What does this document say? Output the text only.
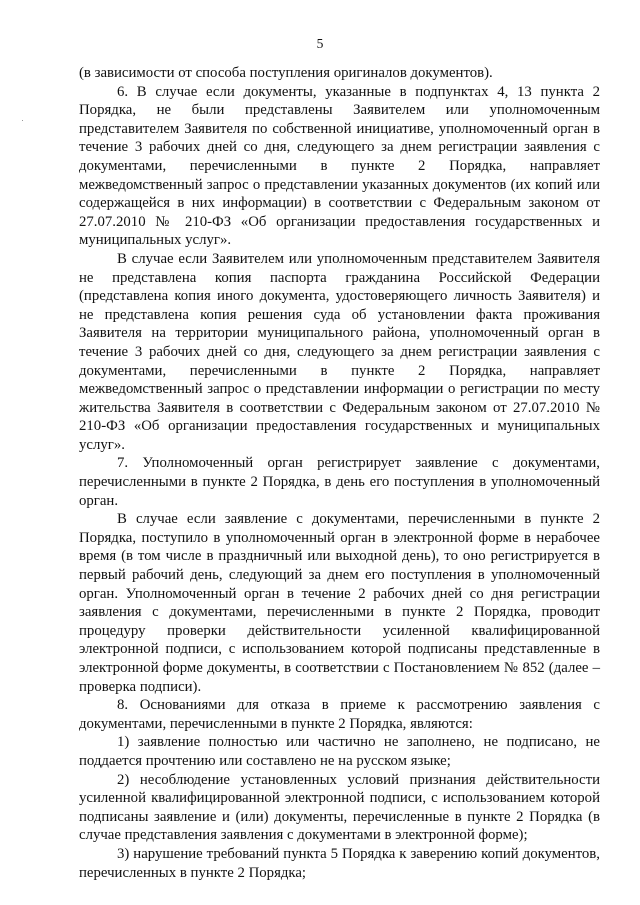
5

(в зависимости от способа поступления оригиналов документов).

6. В случае если документы, указанные в подпунктах 4, 13 пункта 2 Порядка, не были представлены Заявителем или уполномоченным представителем Заявителя по собственной инициативе, уполномоченный орган в течение 3 рабочих дней со дня, следующего за днем регистрации заявления с документами, перечисленными в пункте 2 Порядка, направляет межведомственный запрос о представлении указанных документов (их копий или содержащейся в них информации) в соответствии с Федеральным законом от 27.07.2010 № 210-ФЗ «Об организации предоставления государственных и муниципальных услуг».

В случае если Заявителем или уполномоченным представителем Заявителя не представлена копия паспорта гражданина Российской Федерации (представлена копия иного документа, удостоверяющего личность Заявителя) и не представлена копия решения суда об установлении факта проживания Заявителя на территории муниципального района, уполномоченный орган в течение 3 рабочих дней со дня, следующего за днем регистрации заявления с документами, перечисленными в пункте 2 Порядка, направляет межведомственный запрос о представлении информации о регистрации по месту жительства Заявителя в соответствии с Федеральным законом от 27.07.2010 № 210-ФЗ «Об организации предоставления государственных и муниципальных услуг».

7. Уполномоченный орган регистрирует заявление с документами, перечисленными в пункте 2 Порядка, в день его поступления в уполномоченный орган.

В случае если заявление с документами, перечисленными в пункте 2 Порядка, поступило в уполномоченный орган в электронной форме в нерабочее время (в том числе в праздничный или выходной день), то оно регистрируется в первый рабочий день, следующий за днем его поступления в уполномоченный орган. Уполномоченный орган в течение 2 рабочих дней со дня регистрации заявления с документами, перечисленными в пункте 2 Порядка, проводит процедуру проверки действительности усиленной квалифицированной электронной подписи, с использованием которой подписаны представленные в электронной форме документы, в соответствии с Постановлением № 852 (далее – проверка подписи).

8. Основаниями для отказа в приеме к рассмотрению заявления с документами, перечисленными в пункте 2 Порядка, являются:

1) заявление полностью или частично не заполнено, не подписано, не поддается прочтению или составлено не на русском языке;

2) несоблюдение установленных условий признания действительности усиленной квалифицированной электронной подписи, с использованием которой подписаны заявление и (или) документы, перечисленные в пункте 2 Порядка (в случае представления заявления с документами в электронной форме);

3) нарушение требований пункта 5 Порядка к заверению копий документов, перечисленных в пункте 2 Порядка;
